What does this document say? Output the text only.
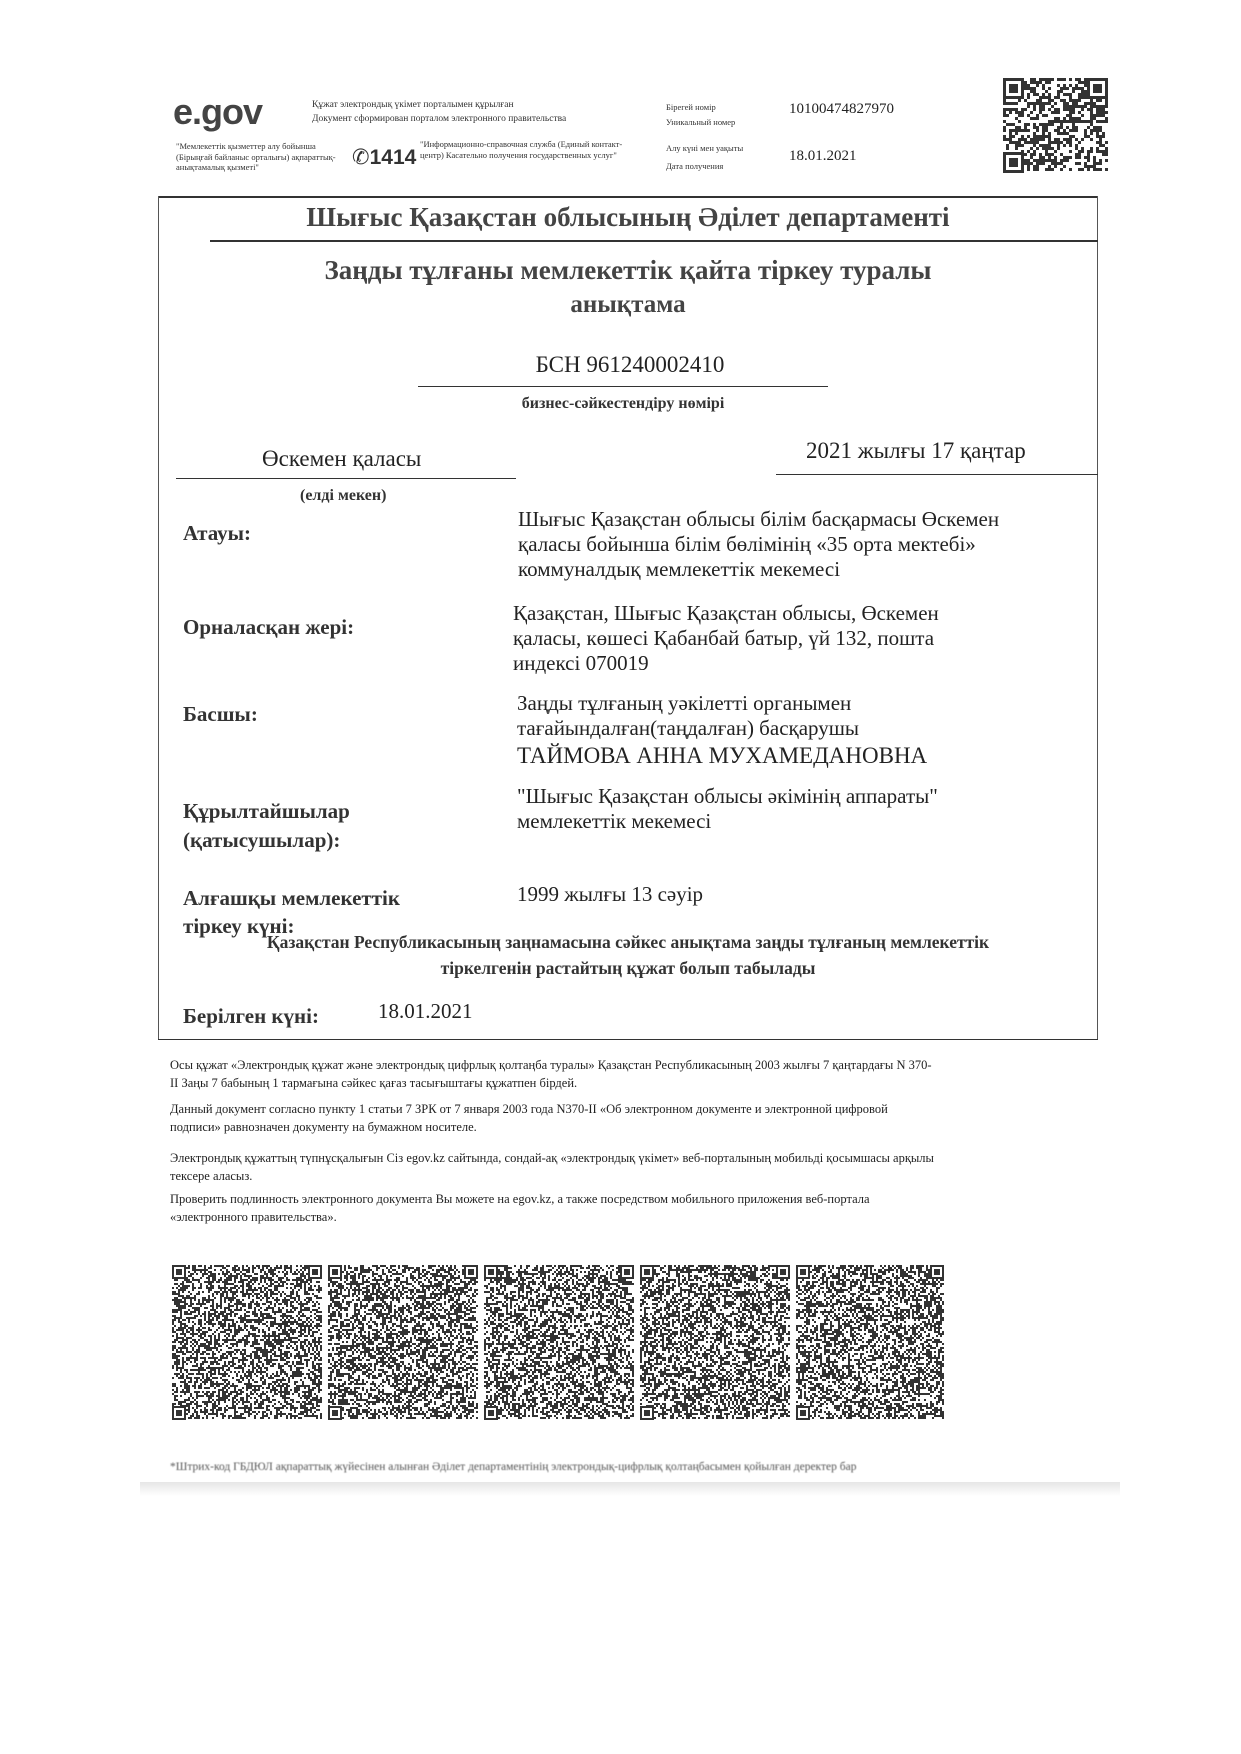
e.gov	Құжат электрондық үкімет порталымен құрылған
Документ сформирован порталом электронного правительства
"Мемлекеттік қызметтер алу бойынша (Бірыңғай байланыс орталығы) ақпараттық-анықтамалық қызметі"	✆1414
"Информационно-справочная служба (Единый контакт-центр) Касательно получения государственных услуг"
Бірегей номір
Уникальный номер
10100474827970
Алу күні мен уақыты
Дата получения
18.01.2021
Шығыс Қазақстан облысының Әділет департаменті
Заңды тұлғаны мемлекеттік қайта тіркеу туралы
анықтама
БСН 961240002410
бизнес-сәйкестендіру нөмірі
Өскемен қаласы
(елді мекен)
2021 жылғы 17 қаңтар
Атауы:
Шығыс Қазақстан облысы білім басқармасы Өскемен
қаласы бойынша білім бөлімінің «35 орта мектебі»
коммуналдық мемлекеттік мекемесі
Орналасқан жері:
Қазақстан, Шығыс Қазақстан облысы, Өскемен
қаласы, көшесі Қабанбай батыр, үй 132, пошта
индексі 070019
Басшы:	Заңды тұлғаның уәкілетті органымен
тағайындалған(таңдалған) басқарушы
ТАЙМОВА АННА МУХАМЕДАНОВНА
Құрылтайшылар
(қатысушылар):
"Шығыс Қазақстан облысы әкімінің аппараты"
мемлекеттік мекемесі
Алғашқы мемлекеттік
тіркеу күні:
1999 жылғы 13 сәуір
Қазақстан Республикасының заңнамасына сәйкес анықтама заңды тұлғаның мемлекеттік
тіркелгенін растайтың құжат болып табылады
Берілген күні:	18.01.2021
Осы құжат «Электрондық құжат және электрондық цифрлық қолтаңба туралы» Қазақстан Республикасының 2003 жылғы 7 қаңтардағы N 370-
II Заңы 7 бабының 1 тармағына сәйкес қағаз тасығыштағы құжатпен бірдей.
Данный документ согласно пункту 1 статьи 7 ЗРК от 7 января 2003 года N370-II «Об электронном документе и электронной цифровой
подписи» равнозначен документу на бумажном носителе.
Электрондық құжаттың түпнұсқалығын Сіз egov.kz сайтында, сондай-ақ «электрондық үкімет» веб-порталының мобильді қосымшасы арқылы
тексере аласыз.
Проверить подлинность электронного документа Вы можете на egov.kz, а также посредством мобильного приложения веб-портала
«электронного правительства».
*Штрих-код ГБДЮЛ ақпараттық жүйесінен алынған Әділет департаментінің электрондық-цифрлық қолтаңбасымен қойылған деректер бар
